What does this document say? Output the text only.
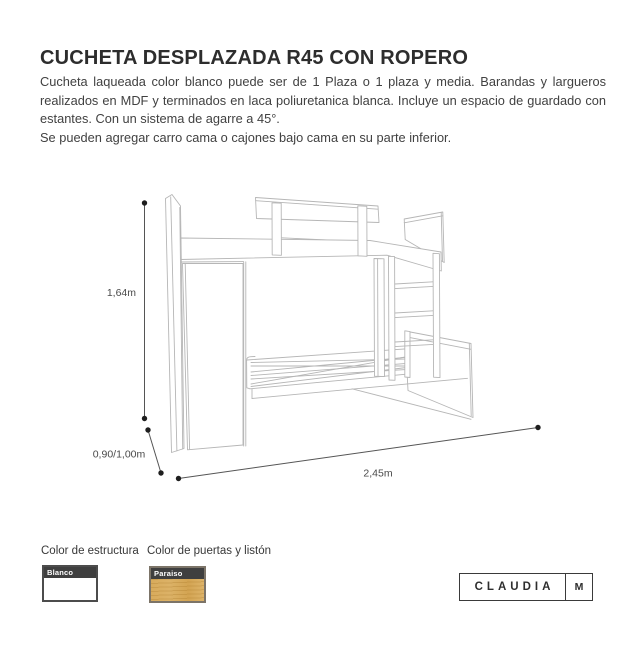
CUCHETA DESPLAZADA R45 CON ROPERO

Cucheta laqueada color blanco puede ser de 1 Plaza o 1 plaza y media. Barandas y largueros realizados en MDF y terminados en laca poliuretanica blanca. Incluye un espacio de guardado con estantes. Con un sistema de agarre a 45°.

Se pueden agregar carro cama o cajones bajo cama en su parte inferior.

1,64m
0,90/1,00m
2,45m
Color de estructura Color de puertas y listón
Blanco	Paraiso
CLAUDIA	M
